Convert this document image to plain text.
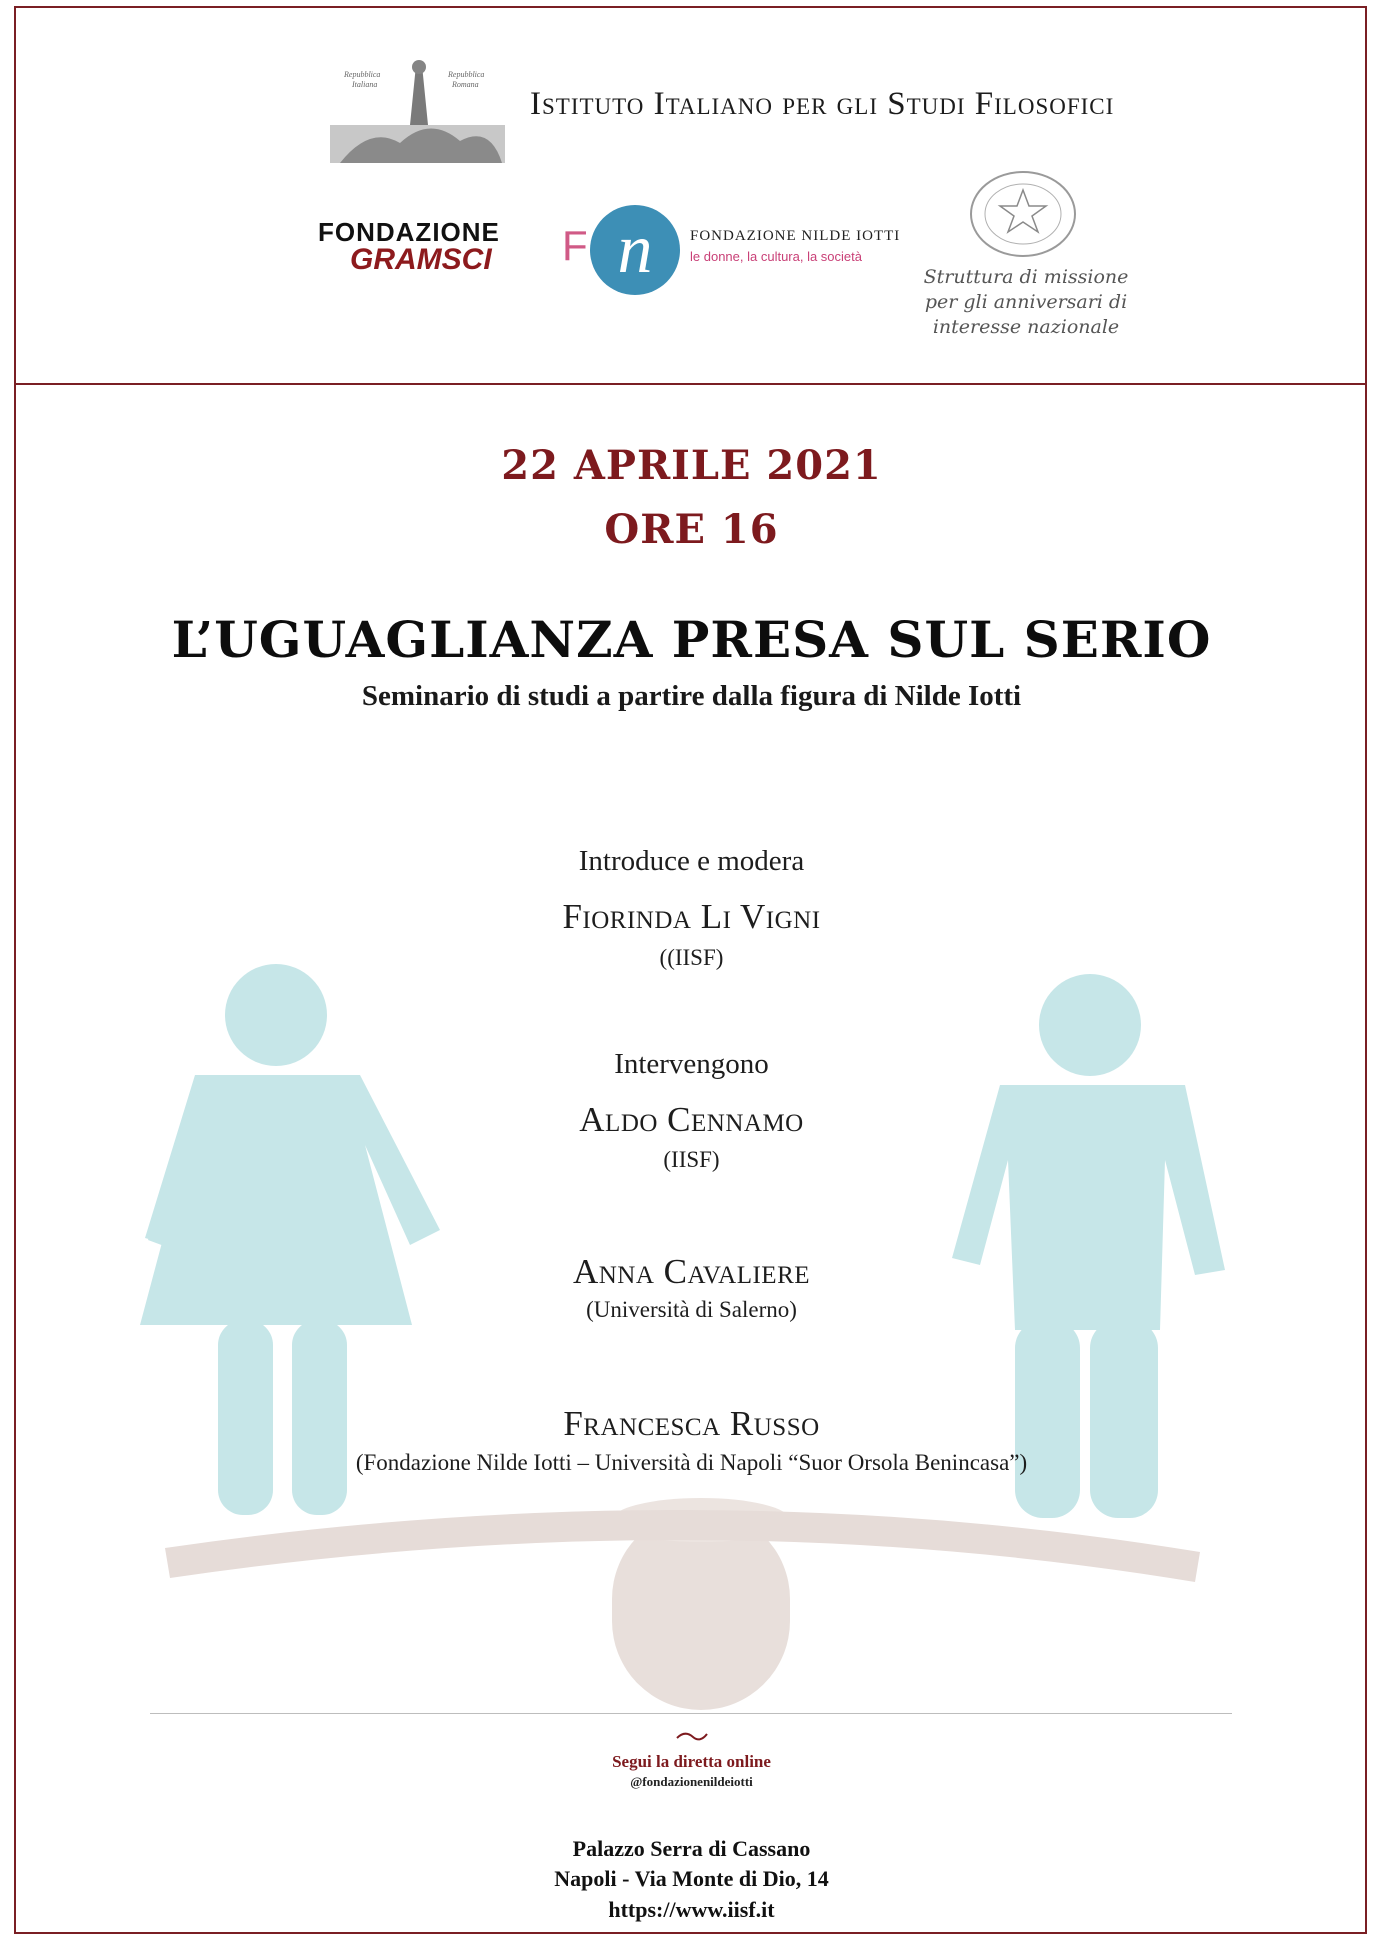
Repubblica
Italiana
Repubblica
Romana
Istituto Italiano per gli Studi Filosofici
FONDAZIONE
GRAMSCI F n	FONDAZIONE NILDE IOTTI
le donne, la cultura, la società
Struttura di missione per gli anniversari di interesse nazionale
22 APRILE 2021
ORE 16
L’UGUAGLIANZA PRESA SUL SERIO
Seminario di studi a partire dalla figura di Nilde Iotti
Introduce e modera
Fiorinda Li Vigni
((IISF)
Intervengono
Aldo Cennamo
(IISF)
Anna Cavaliere
(Università di Salerno)
Francesca Russo
(Fondazione Nilde Iotti – Università di Napoli “Suor Orsola Benincasa”)
Segui la diretta online
@fondazionenildeiotti
Palazzo Serra di Cassano
Napoli - Via Monte di Dio, 14
https://www.iisf.it
